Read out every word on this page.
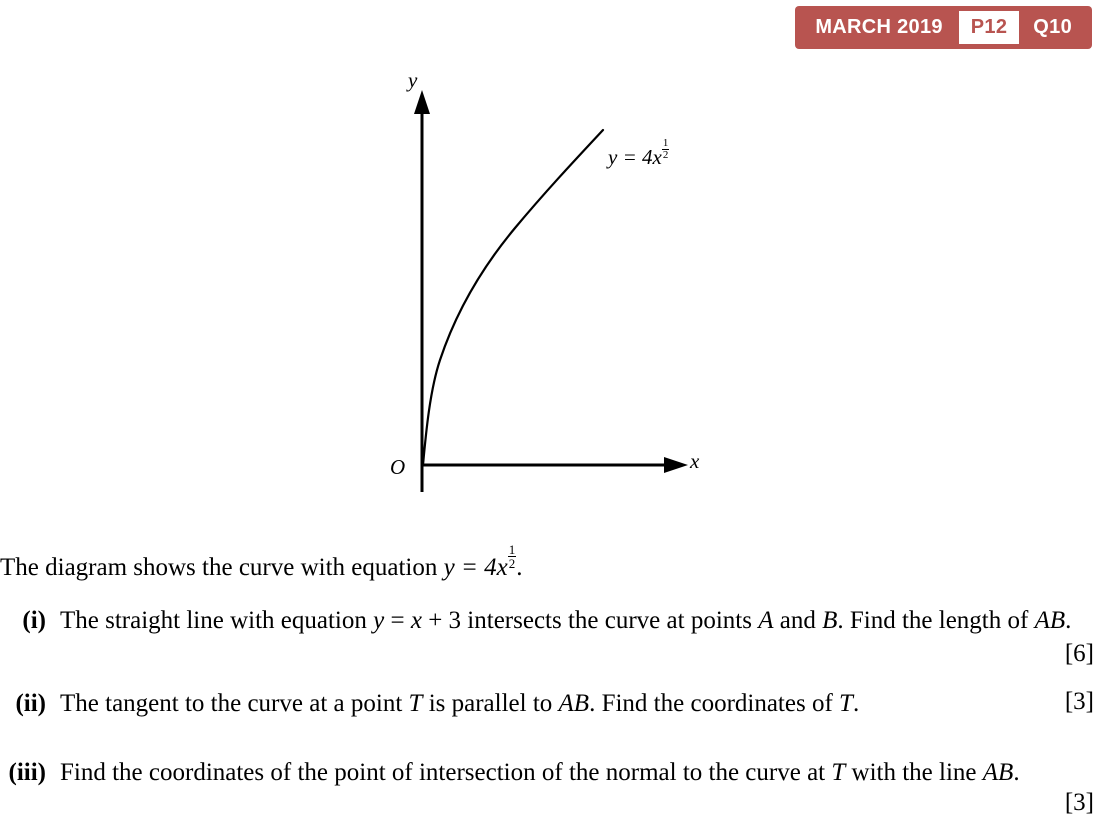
MARCH 2019	P12	Q10
y
x
O
$y = 4x \frac{1}{2}$
The diagram shows the curve with equation $y = 4x \frac{1}{2}$ .
(i) The straight line with equation y = x + 3 intersects the curve at points A and B. Find the length of AB.
[6]
(ii) The tangent to the curve at a point T is parallel to AB. Find the coordinates of T.	[3]
(iii) Find the coordinates of the point of intersection of the normal to the curve at T with the line AB.
[3]
